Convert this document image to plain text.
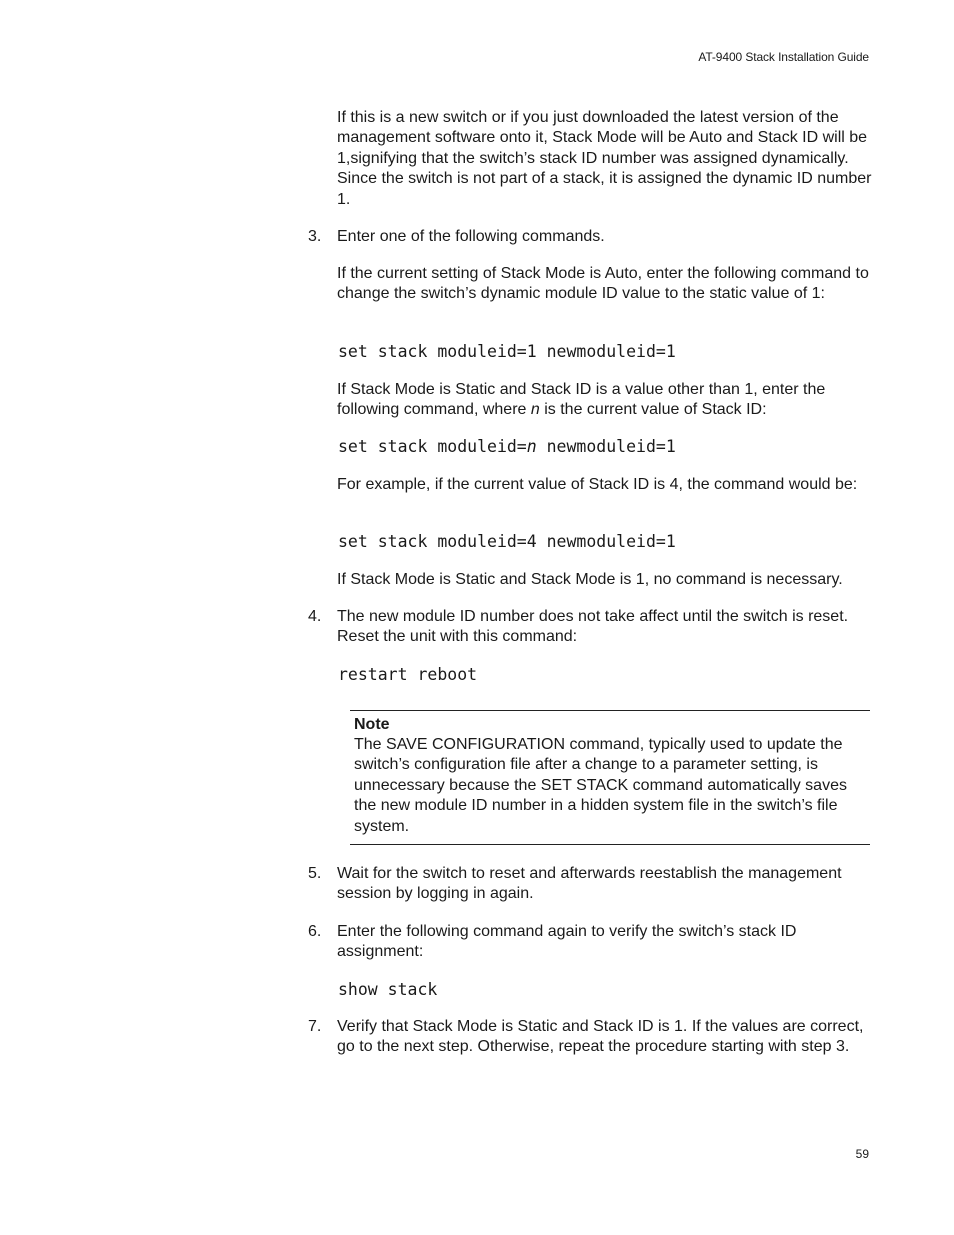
AT-9400 Stack Installation Guide

If this is a new switch or if you just downloaded the latest version of the management software onto it, Stack Mode will be Auto and Stack ID will be 1,signifying that the switch’s stack ID number was assigned dynamically. Since the switch is not part of a stack, it is assigned the dynamic ID number 1.

3. Enter one of the following commands.

If the current setting of Stack Mode is Auto, enter the following command to change the switch’s dynamic module ID value to the static value of 1:

set stack moduleid=1 newmoduleid=1

If Stack Mode is Static and Stack ID is a value other than 1, enter the following command, where n is the current value of Stack ID:

set stack moduleid=n newmoduleid=1

For example, if the current value of Stack ID is 4, the command would be:

set stack moduleid=4 newmoduleid=1

If Stack Mode is Static and Stack Mode is 1, no command is necessary.

4. The new module ID number does not take affect until the switch is reset. Reset the unit with this command:

restart reboot
Note
The SAVE CONFIGURATION command, typically used to update the switch’s configuration file after a change to a parameter setting, is unnecessary because the SET STACK command automatically saves the new module ID number in a hidden system file in the switch’s file system.
5. Wait for the switch to reset and afterwards reestablish the management session by logging in again.

6. Enter the following command again to verify the switch’s stack ID assignment:

show stack
7. Verify that Stack Mode is Static and Stack ID is 1. If the values are correct, go to the next step. Otherwise, repeat the procedure starting with step 3.

59
